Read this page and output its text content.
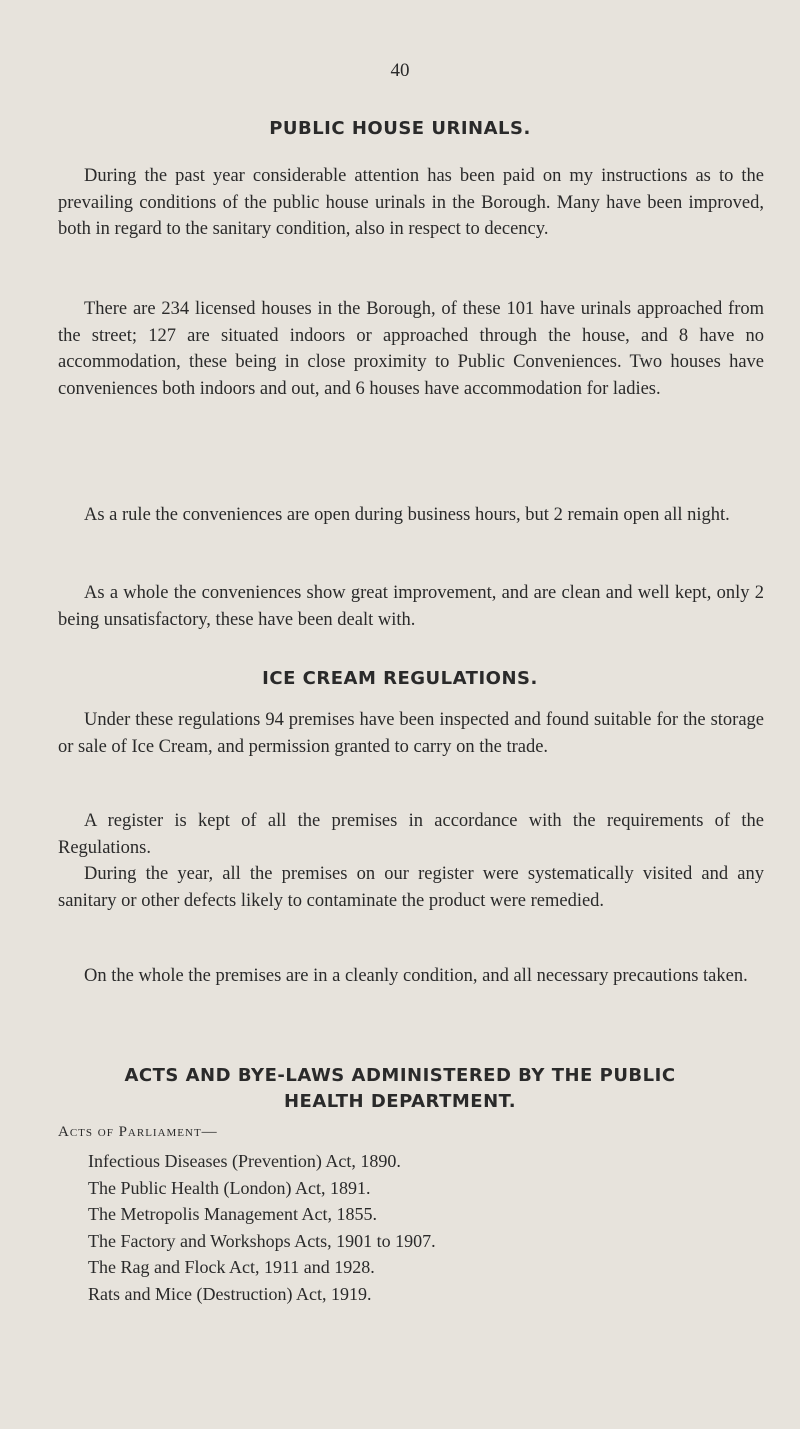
40
PUBLIC HOUSE URINALS.

During the past year considerable attention has been paid on my instructions as to the prevailing conditions of the public house urinals in the Borough. Many have been improved, both in regard to the sanitary condition, also in respect to decency.

There are 234 licensed houses in the Borough, of these 101 have urinals approached from the street; 127 are situated indoors or approached through the house, and 8 have no accommodation, these being in close proximity to Public Conveniences. Two houses have conveniences both indoors and out, and 6 houses have accommodation for ladies.

As a rule the conveniences are open during business hours, but 2 remain open all night.

As a whole the conveniences show great improvement, and are clean and well kept, only 2 being unsatisfactory, these have been dealt with.

ICE CREAM REGULATIONS.

Under these regulations 94 premises have been inspected and found suitable for the storage or sale of Ice Cream, and permission granted to carry on the trade.

A register is kept of all the premises in accordance with the requirements of the Regulations.

During the year, all the premises on our register were systematically visited and any sanitary or other defects likely to contaminate the product were remedied.

On the whole the premises are in a cleanly condition, and all necessary precautions taken.

ACTS AND BYE-LAWS ADMINISTERED BY THE PUBLIC
HEALTH DEPARTMENT.
Acts of Parliament—
Infectious Diseases (Prevention) Act, 1890.
The Public Health (London) Act, 1891.
The Metropolis Management Act, 1855.
The Factory and Workshops Acts, 1901 to 1907.
The Rag and Flock Act, 1911 and 1928.
Rats and Mice (Destruction) Act, 1919.
